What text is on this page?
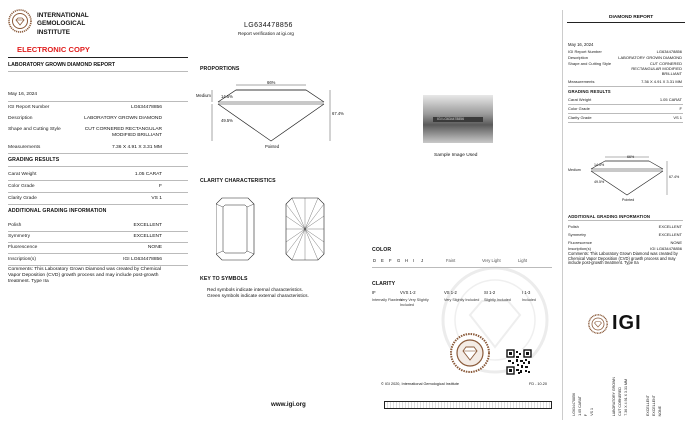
INTERNATIONAL
GEMOLOGICAL
INSTITUTE
ELECTRONIC COPY
LABORATORY GROWN DIAMOND REPORT
May 16, 2024
IGI Report Number	LG634478856
Description	LABORATORY GROWN DIAMOND
Shape and Cutting Style	CUT CORNERED RECTANGULAR
MODIFIED BRILLIANT
Measurements	7.36 X 4.91 X 3.31 MM
GRADING RESULTS
Carat Weight	1.05 CARAT
Color Grade	F
Clarity Grade	VS 1
ADDITIONAL GRADING INFORMATION
Polish	EXCELLENT
Symmetry	EXCELLENT
Fluorescence	NONE
Inscription(s)	IGI LG634478856
Comments: This Laboratory Grown Diamond was created by Chemical Vapor Deposition (CVD) growth process and may include post-growth treatment. Type IIa
LG634478856
Report verification at igi.org
PROPORTIONS
66%
14.5%
Medium
49.5%
67.4%
Pointed
IGI LG634478856
Sample Image Used
CLARITY CHARACTERISTICS
KEY TO SYMBOLS
Red symbols indicate internal characteristics.
Green symbols indicate external characteristics.
www.igi.org
COLOR
D E F G H I J	Faint	Very Light	Light
CLARITY
IF
Internally Flawless
VVS 1-2
Very Very Slightly Included
VS 1-2
Very Slightly Included
SI 1-2
Slightly Included
I 1-3
Included
© IGI 2020, International Gemological Institute	FD - 10.20
DIAMOND REPORT
May 16, 2024
IGI Report Number	LG634478856
Description	LABORATORY GROWN DIAMOND
Shape and Cutting Style	CUT CORNERED RECTANGULAR MODIFIED BRILLIANT
Measurements	7.36 X 4.91 X 3.31 MM
GRADING RESULTS
Carat Weight	1.05 CARAT
Color Grade	F
Clarity Grade	VS 1
66%
14.5%
Medium
49.5%
67.4%
Pointed
ADDITIONAL GRADING INFORMATION
Polish	EXCELLENT
Symmetry	EXCELLENT
Fluorescence	NONE
Inscription(s)	IGI LG634478856
Comments: This Laboratory Grown Diamond was created by Chemical Vapor Deposition (CVD) growth process and may include post-growth treatment. Type IIa
IGI
LG634478856 1.05 CARAT F VS 1	LABORATORY GROWN CUT CORNERED 7.36 X 4.91 X 3.31 MM	EXCELLENT EXCELLENT NONE
